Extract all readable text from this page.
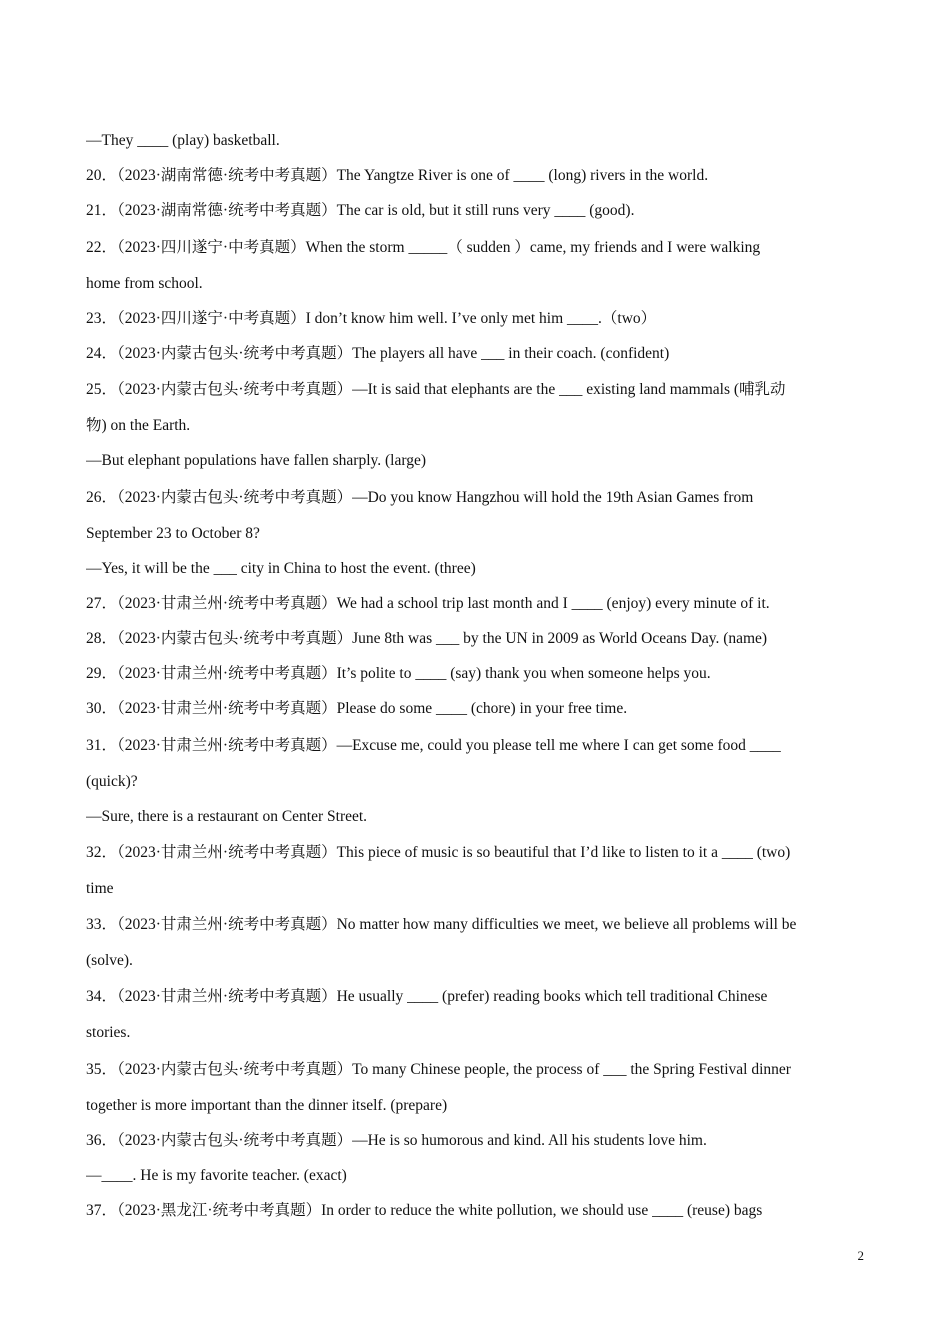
—They ____ (play) basketball.
20．（2023·湖南常德·统考中考真题）The Yangtze River is one of ____ (long) rivers in the world.
21．（2023·湖南常德·统考中考真题）The car is old, but it still runs very ____ (good).
22．（2023·四川遂宁·中考真题）When the storm _____（ sudden ）came, my friends and I were walking
home from school.
23．（2023·四川遂宁·中考真题）I don’t know him well. I’ve only met him ____.（two）
24．（2023·内蒙古包头·统考中考真题）The players all have ___ in their coach. (confident)
25．（2023·内蒙古包头·统考中考真题）—It is said that elephants are the ___ existing land mammals (哺乳动
物) on the Earth.
—But elephant populations have fallen sharply. (large)
26．（2023·内蒙古包头·统考中考真题）—Do you know Hangzhou will hold the 19th Asian Games from
September 23 to October 8?
—Yes, it will be the ___ city in China to host the event. (three)
27．（2023·甘肃兰州·统考中考真题）We had a school trip last month and I ____ (enjoy) every minute of it.
28．（2023·内蒙古包头·统考中考真题）June 8th was ___ by the UN in 2009 as World Oceans Day. (name)
29．（2023·甘肃兰州·统考中考真题）It’s polite to ____ (say) thank you when someone helps you.
30．（2023·甘肃兰州·统考中考真题）Please do some ____ (chore) in your free time.
31．（2023·甘肃兰州·统考中考真题）—Excuse me, could you please tell me where I can get some food ____
(quick)?
—Sure, there is a restaurant on Center Street.
32．（2023·甘肃兰州·统考中考真题）This piece of music is so beautiful that I’d like to listen to it a ____ (two)
time
33．（2023·甘肃兰州·统考中考真题）No matter how many difficulties we meet, we believe all problems will be
(solve).
34．（2023·甘肃兰州·统考中考真题）He usually ____ (prefer) reading books which tell traditional Chinese
stories.
35．（2023·内蒙古包头·统考中考真题）To many Chinese people, the process of ___ the Spring Festival dinner
together is more important than the dinner itself. (prepare)
36．（2023·内蒙古包头·统考中考真题）—He is so humorous and kind. All his students love him.
—____. He is my favorite teacher. (exact)
37．（2023·黑龙江·统考中考真题）In order to reduce the white pollution, we should use ____ (reuse) bags
2
